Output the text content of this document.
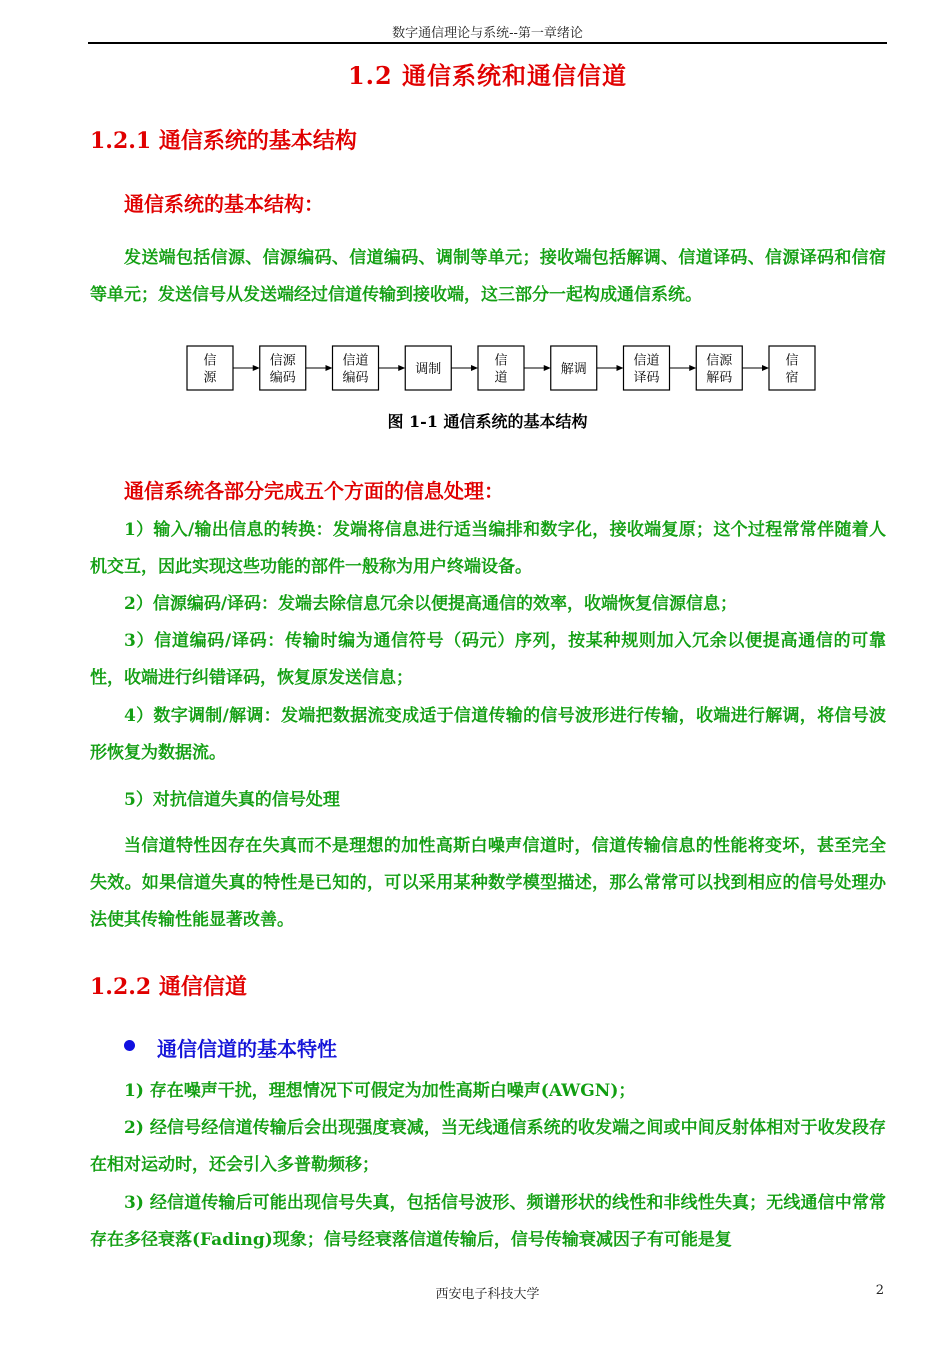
数字通信理论与系统--第一章绪论
1.2 通信系统和通信信道
1.2.1 通信系统的基本结构
通信系统的基本结构：

发送端包括信源、信源编码、信道编码、调制等单元；接收端包括解调、信道译码、信源译码和信宿等单元；发送信号从发送端经过信道传输到接收端，这三部分一起构成通信系统。

信
源
信源
编码
信道
编码
调制
信
道
解调
信道
译码
信源
解码
信
宿
图 1-1 通信系统的基本结构
通信系统各部分完成五个方面的信息处理：

1）输入/输出信息的转换：发端将信息进行适当编排和数字化，接收端复原；这个过程常常伴随着人机交互，因此实现这些功能的部件一般称为用户终端设备。

2）信源编码/译码：发端去除信息冗余以便提高通信的效率，收端恢复信源信息；

3）信道编码/译码：传输时编为通信符号（码元）序列，按某种规则加入冗余以便提高通信的可靠性，收端进行纠错译码，恢复原发送信息；

4）数字调制/解调：发端把数据流变成适于信道传输的信号波形进行传输，收端进行解调，将信号波形恢复为数据流。

5）对抗信道失真的信号处理

当信道特性因存在失真而不是理想的加性高斯白噪声信道时，信道传输信息的性能将变坏，甚至完全失效。如果信道失真的特性是已知的，可以采用某种数学模型描述，那么常常可以找到相应的信号处理办法使其传输性能显著改善。

1.2.2 通信信道
通信信道的基本特性

1) 存在噪声干扰，理想情况下可假定为加性高斯白噪声(AWGN)；

2) 经信号经信道传输后会出现强度衰减，当无线通信系统的收发端之间或中间反射体相对于收发段存在相对运动时，还会引入多普勒频移；

3) 经信道传输后可能出现信号失真，包括信号波形、频谱形状的线性和非线性失真；无线通信中常常存在多径衰落(Fading)现象；信号经衰落信道传输后，信号传输衰减因子有可能是复

西安电子科技大学	2
